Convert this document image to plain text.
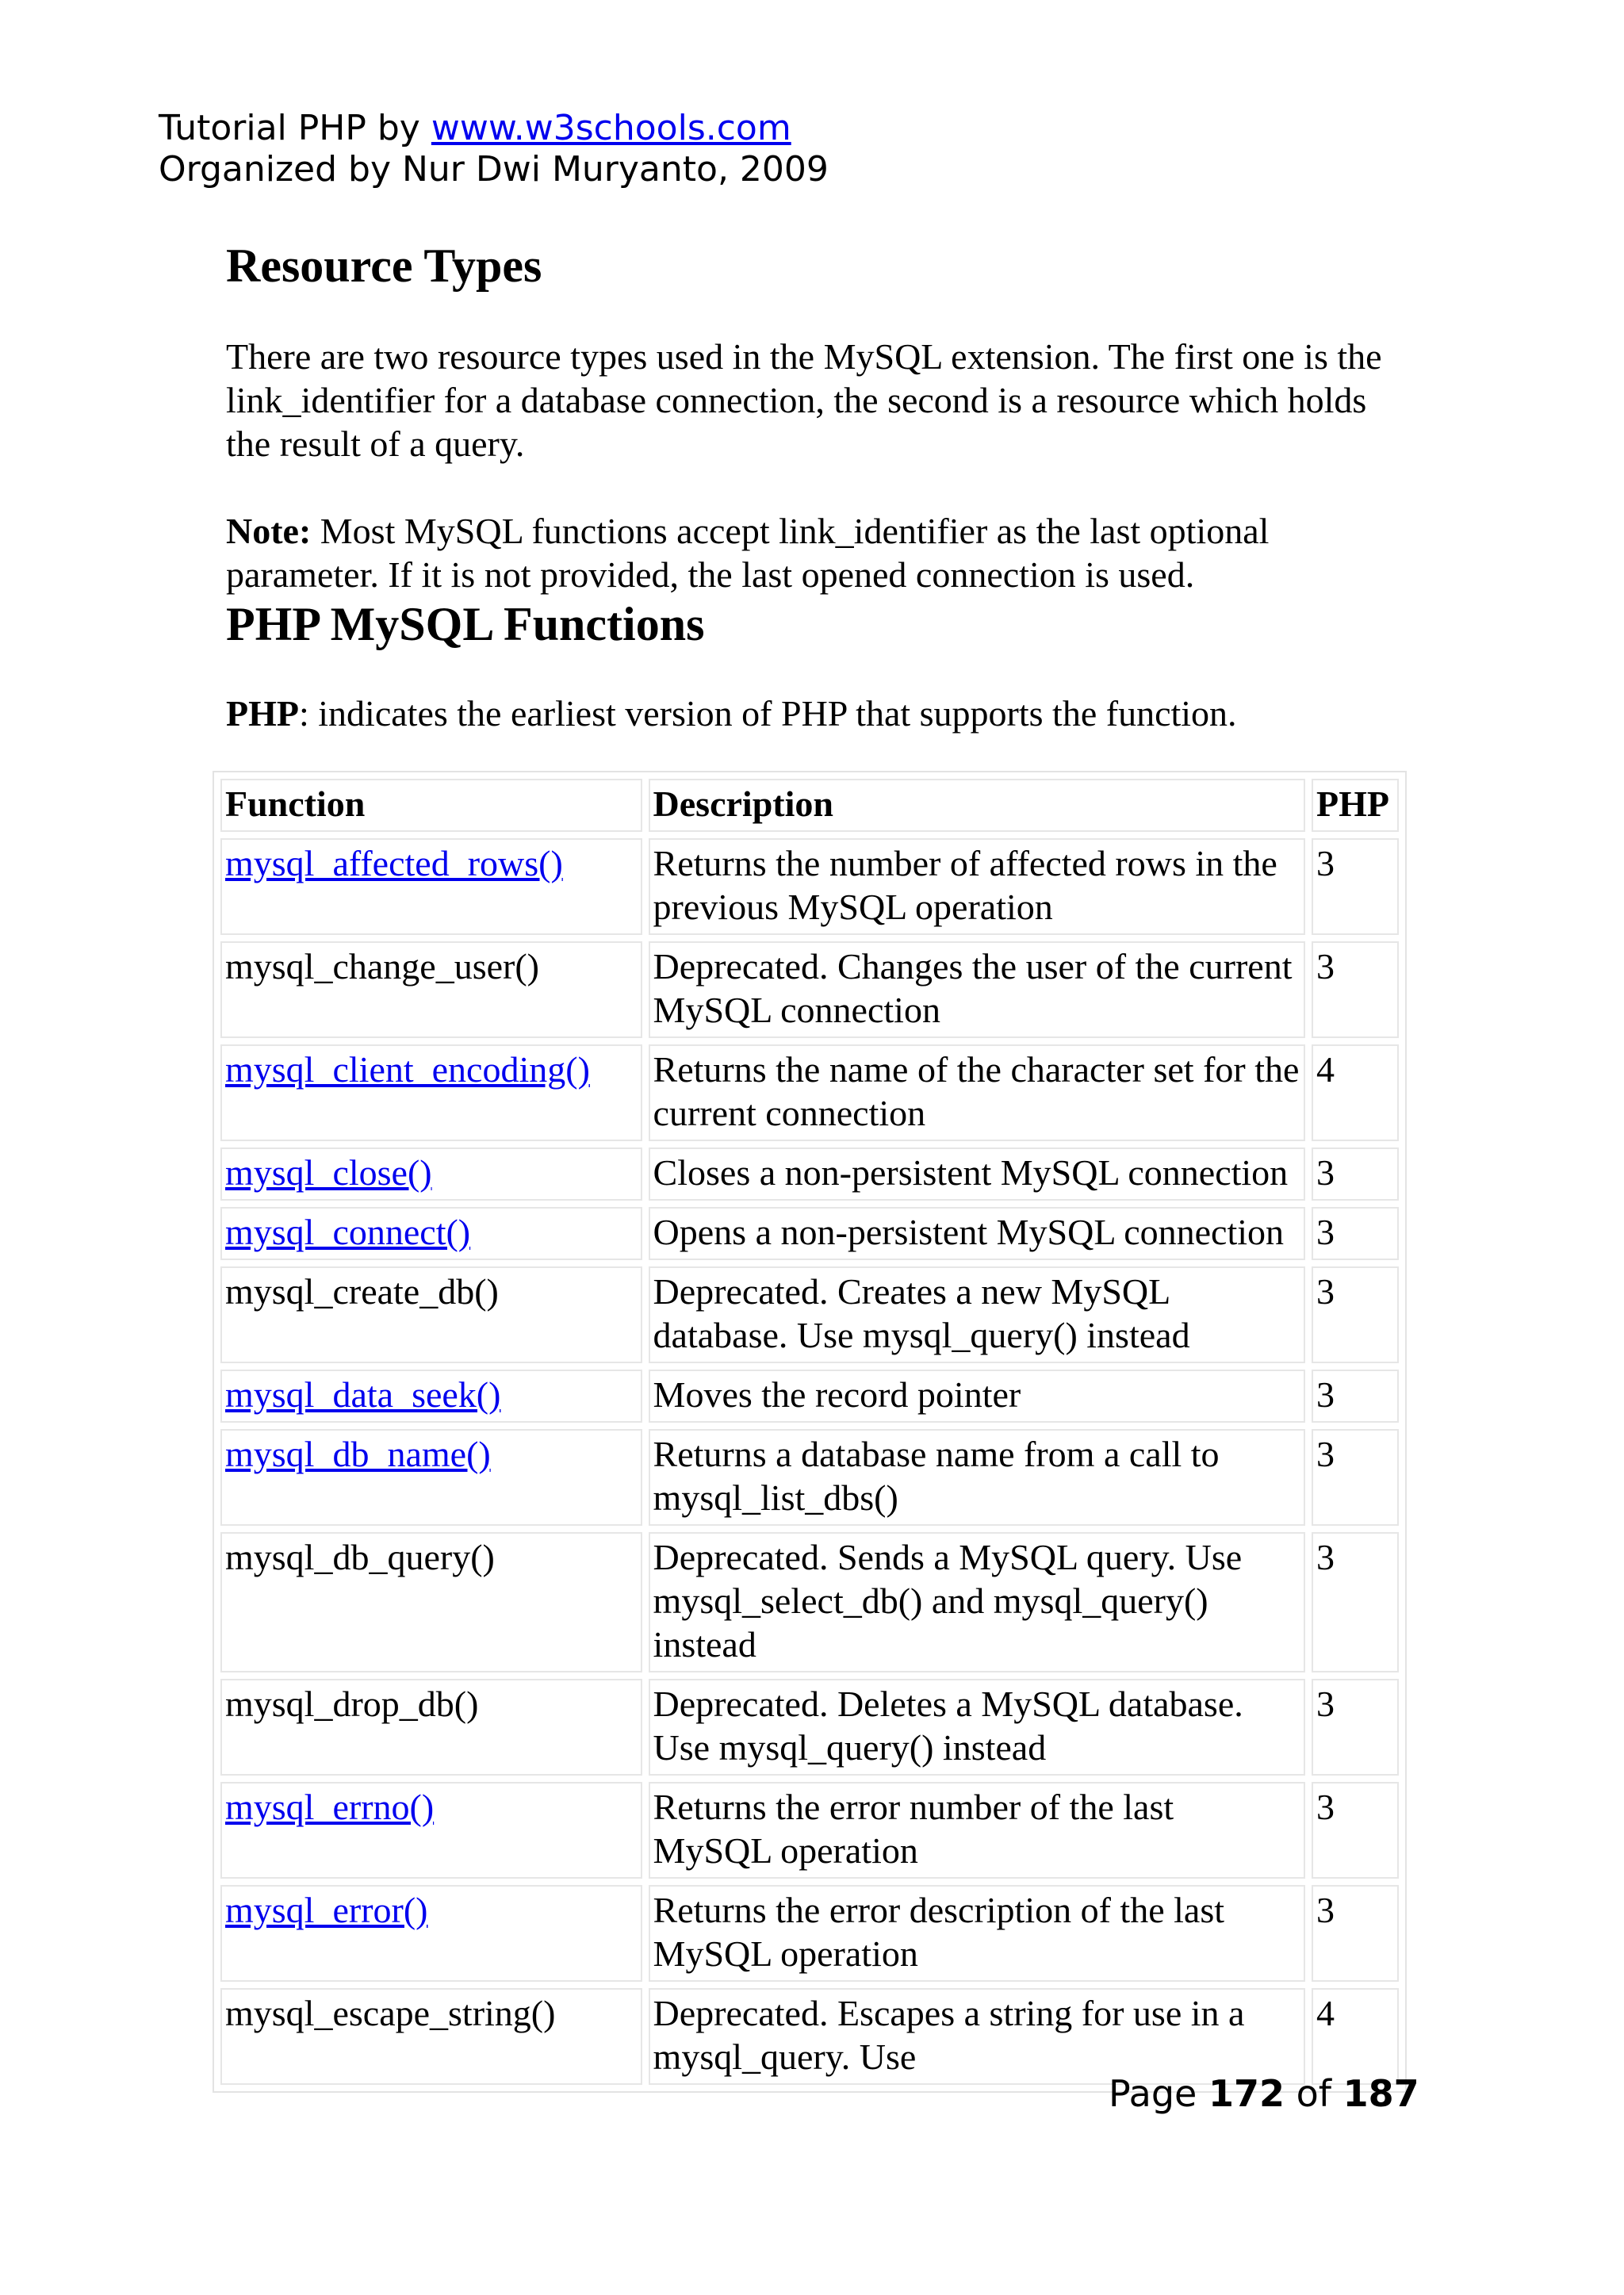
Tutorial PHP by www.w3schools.com
Organized by Nur Dwi Muryanto, 2009
Resource Types

There are two resource types used in the MySQL extension. The first one is the link_identifier for a database connection, the second is a resource which holds the result of a query.

Note: Most MySQL functions accept link_identifier as the last optional parameter. If it is not provided, the last opened connection is used.

PHP MySQL Functions

PHP: indicates the earliest version of PHP that supports the function.

Function	Description	PHP
mysql_affected_rows()	Returns the number of affected rows in the previous MySQL operation	3
mysql_change_user()	Deprecated. Changes the user of the current MySQL connection	3
mysql_client_encoding()	Returns the name of the character set for the current connection	4
mysql_close()	Closes a non-persistent MySQL connection	3
mysql_connect()	Opens a non-persistent MySQL connection	3
mysql_create_db()	Deprecated. Creates a new MySQL database. Use mysql_query() instead	3
mysql_data_seek()	Moves the record pointer	3
mysql_db_name()	Returns a database name from a call to mysql_list_dbs()	3
mysql_db_query()	Deprecated. Sends a MySQL query. Use mysql_select_db() and mysql_query() instead	3
mysql_drop_db()	Deprecated. Deletes a MySQL database. Use mysql_query() instead	3
mysql_errno()	Returns the error number of the last MySQL operation	3
mysql_error()	Returns the error description of the last MySQL operation	3
mysql_escape_string()	Deprecated. Escapes a string for use in a mysql_query. Use	4
Page 172 of 187
